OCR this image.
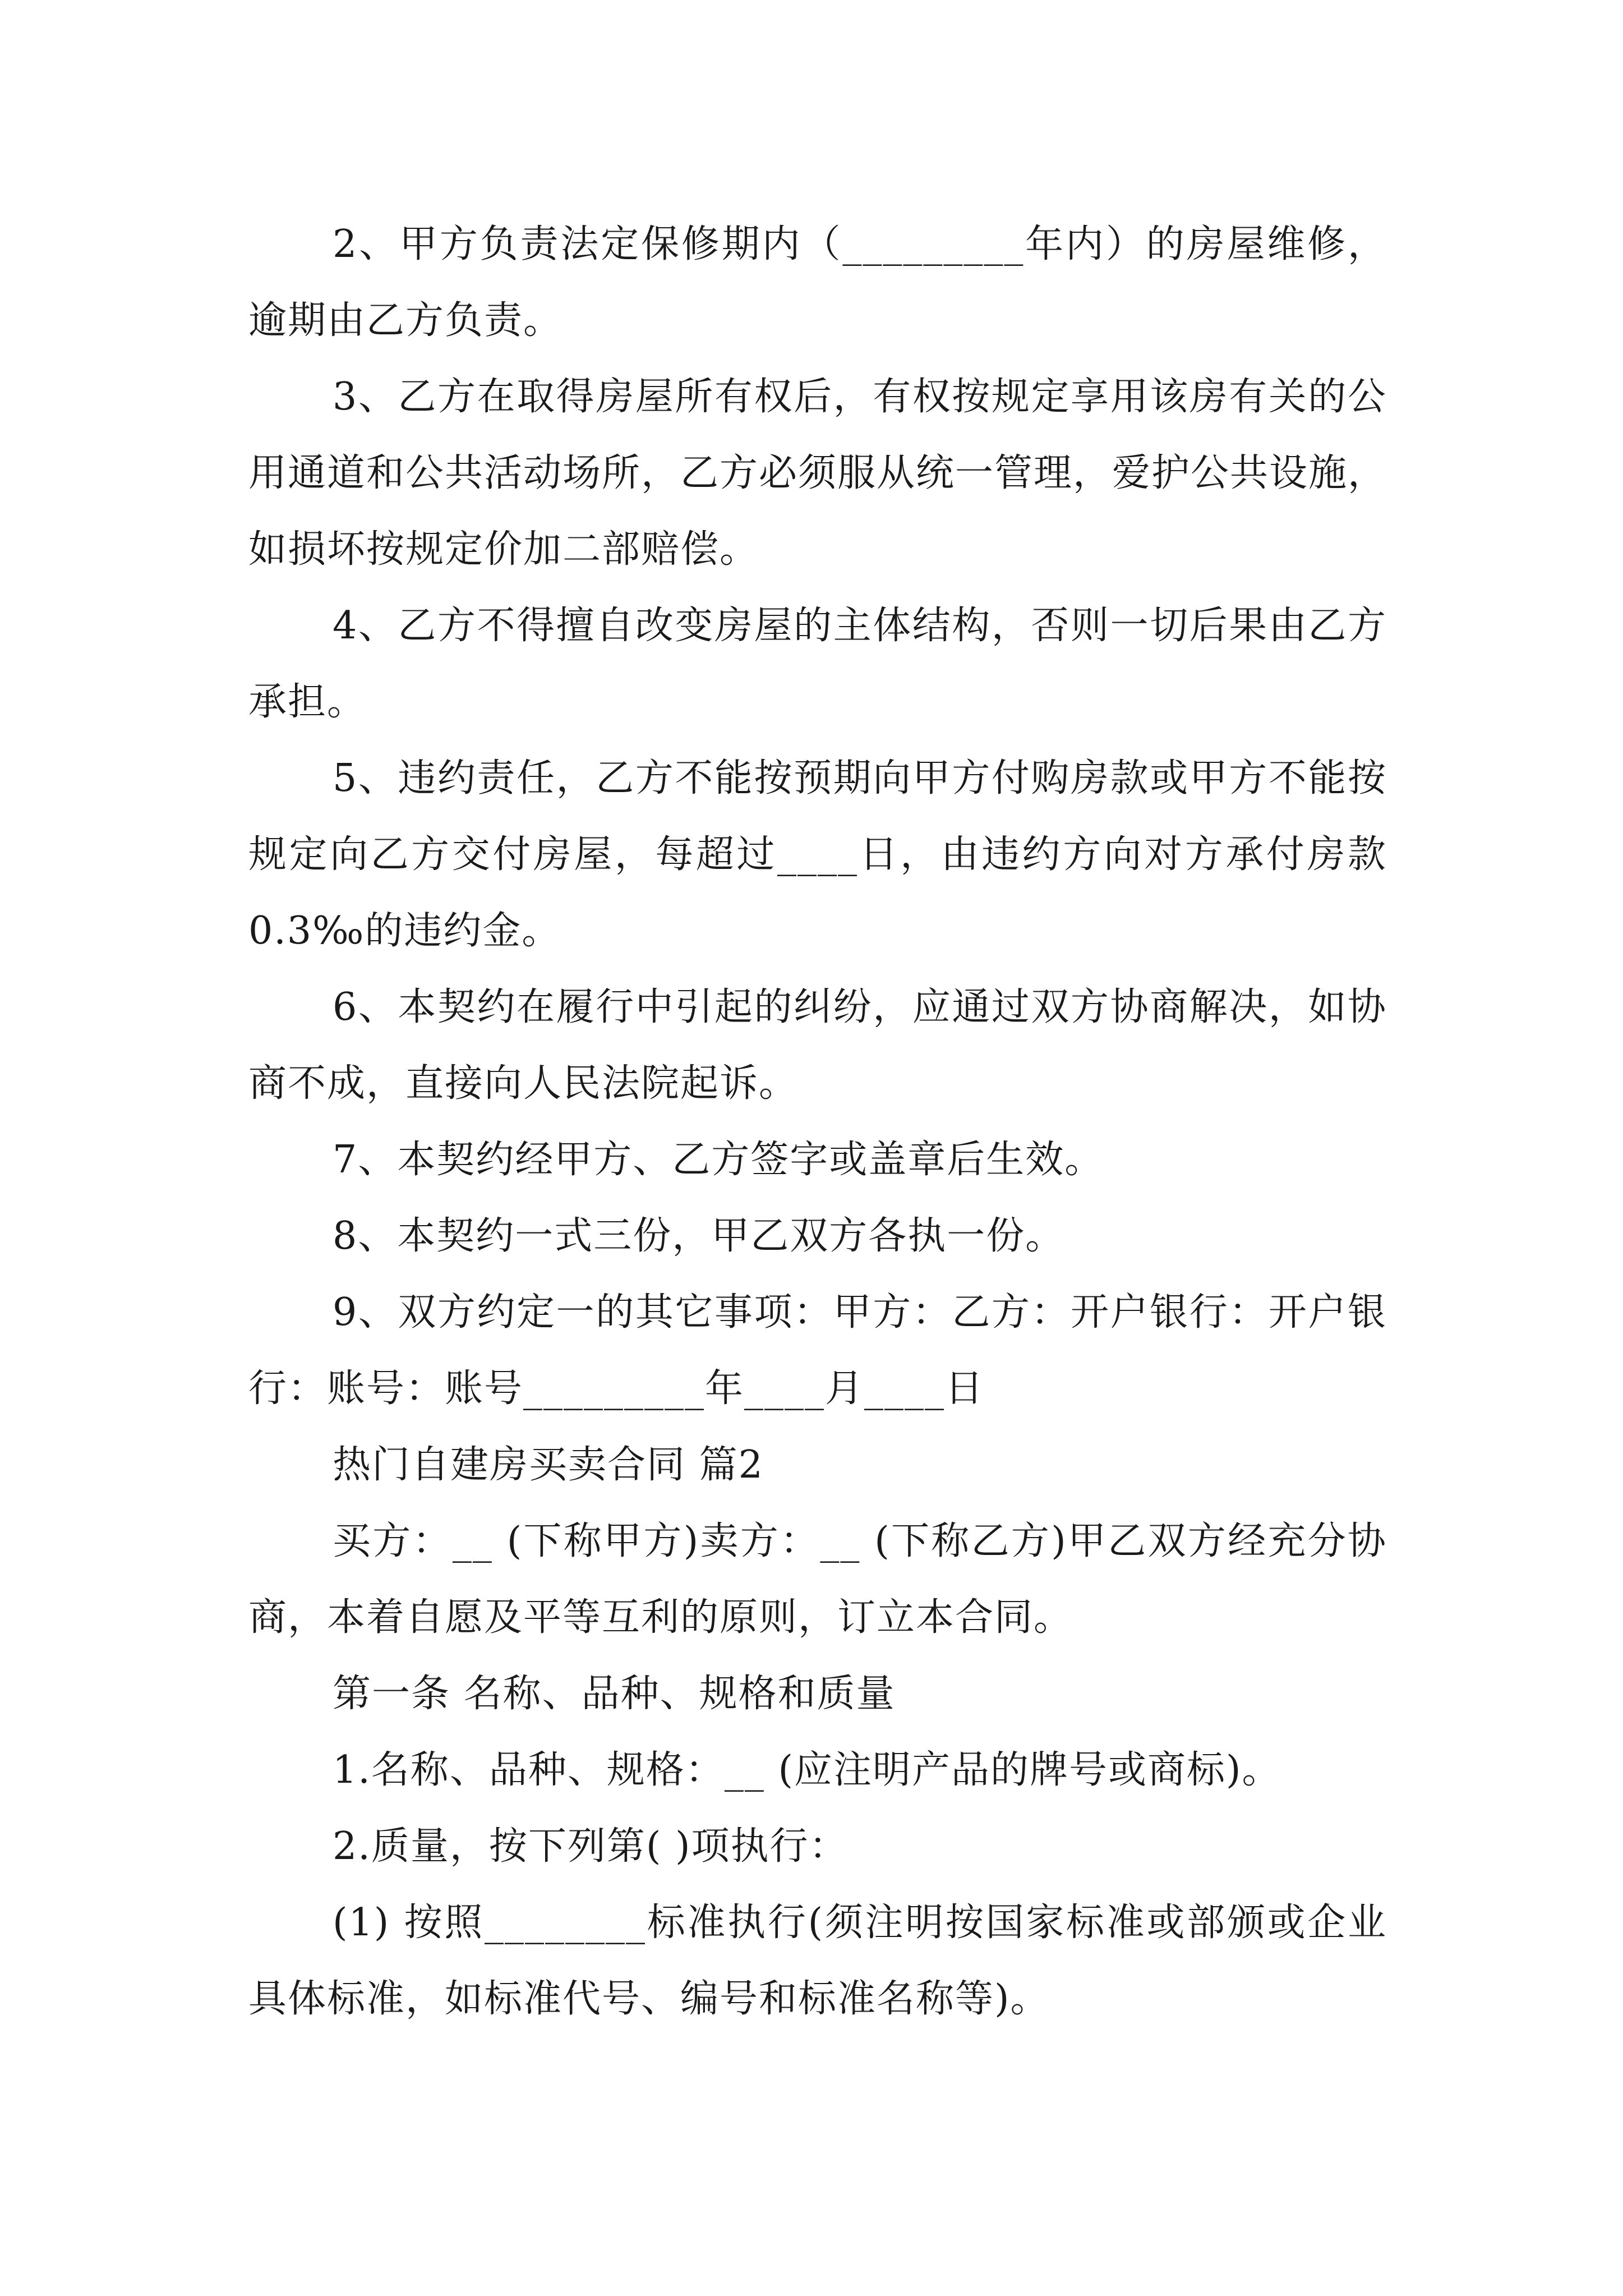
2、甲方负责法定保修期内（_________年内）的房屋维修，逾期由乙方负责。

3、乙方在取得房屋所有权后，有权按规定享用该房有关的公用通道和公共活动场所，乙方必须服从统一管理，爱护公共设施，如损坏按规定价加二部赔偿。

4、乙方不得擅自改变房屋的主体结构，否则一切后果由乙方承担。

5、违约责任，乙方不能按预期向甲方付购房款或甲方不能按规定向乙方交付房屋，每超过____日，由违约方向对方承付房款0.3‰的违约金。

6、本契约在履行中引起的纠纷，应通过双方协商解决，如协商不成，直接向人民法院起诉。

7、本契约经甲方、乙方签字或盖章后生效。

8、本契约一式三份，甲乙双方各执一份。

9、双方约定一的其它事项：甲方：乙方：开户银行：开户银行：账号：账号_________年____月____日

热门自建房买卖合同 篇2

买方：__ (下称甲方)卖方：__ (下称乙方)甲乙双方经充分协商，本着自愿及平等互利的原则，订立本合同。

第一条 名称、品种、规格和质量

1.名称、品种、规格：__ (应注明产品的牌号或商标)。

2.质量，按下列第( )项执行：

(1) 按照________标准执行(须注明按国家标准或部颁或企业具体标准，如标准代号、编号和标准名称等)。
